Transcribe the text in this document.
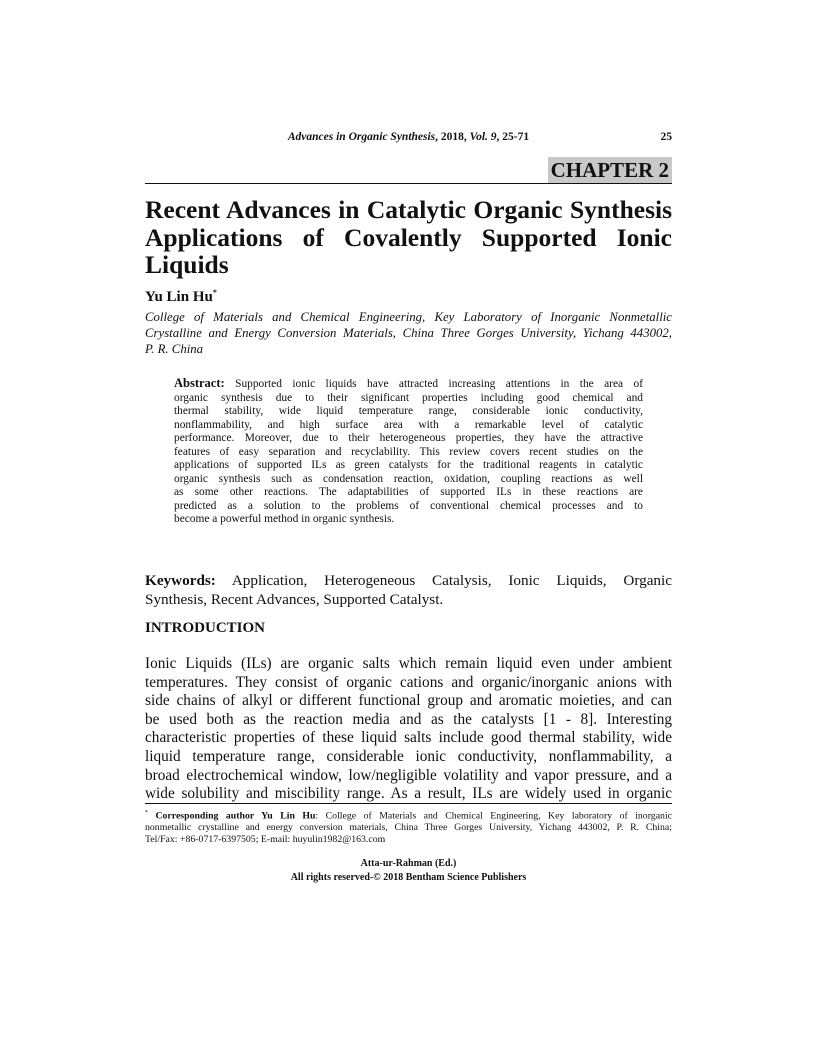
Advances in Organic Synthesis, 2018, Vol. 9, 25-71	25
CHAPTER 2
Recent Advances in Catalytic Organic Synthesis
Applications of Covalently Supported Ionic
Liquids
Yu Lin Hu*
College of Materials and Chemical Engineering, Key Laboratory of Inorganic Nonmetallic
Crystalline and Energy Conversion Materials, China Three Gorges University, Yichang 443002,
P. R. China
Abstract: Supported ionic liquids have attracted increasing attentions in the area of
organic synthesis due to their significant properties including good chemical and
thermal stability, wide liquid temperature range, considerable ionic conductivity,
nonflammability, and high surface area with a remarkable level of catalytic
performance. Moreover, due to their heterogeneous properties, they have the attractive
features of easy separation and recyclability. This review covers recent studies on the
applications of supported ILs as green catalysts for the traditional reagents in catalytic
organic synthesis such as condensation reaction, oxidation, coupling reactions as well
as some other reactions. The adaptabilities of supported ILs in these reactions are
predicted as a solution to the problems of conventional chemical processes and to
become a powerful method in organic synthesis.
Keywords: Application, Heterogeneous Catalysis, Ionic Liquids, Organic
Synthesis, Recent Advances, Supported Catalyst.
INTRODUCTION
Ionic Liquids (ILs) are organic salts which remain liquid even under ambient
temperatures. They consist of organic cations and organic/inorganic anions with
side chains of alkyl or different functional group and aromatic moieties, and can
be used both as the reaction media and as the catalysts [1 - 8]. Interesting
characteristic properties of these liquid salts include good thermal stability, wide
liquid temperature range, considerable ionic conductivity, nonflammability, a
broad electrochemical window, low/negligible volatility and vapor pressure, and a
wide solubility and miscibility range. As a result, ILs are widely used in organic
* Corresponding author Yu Lin Hu: College of Materials and Chemical Engineering, Key laboratory of inorganic
nonmetallic crystalline and energy conversion materials, China Three Gorges University, Yichang 443002, P. R. China;
Tel/Fax: +86-0717-6397505; E-mail: huyulin1982@163.com
Atta-ur-Rahman (Ed.)
All rights reserved-© 2018 Bentham Science Publishers
